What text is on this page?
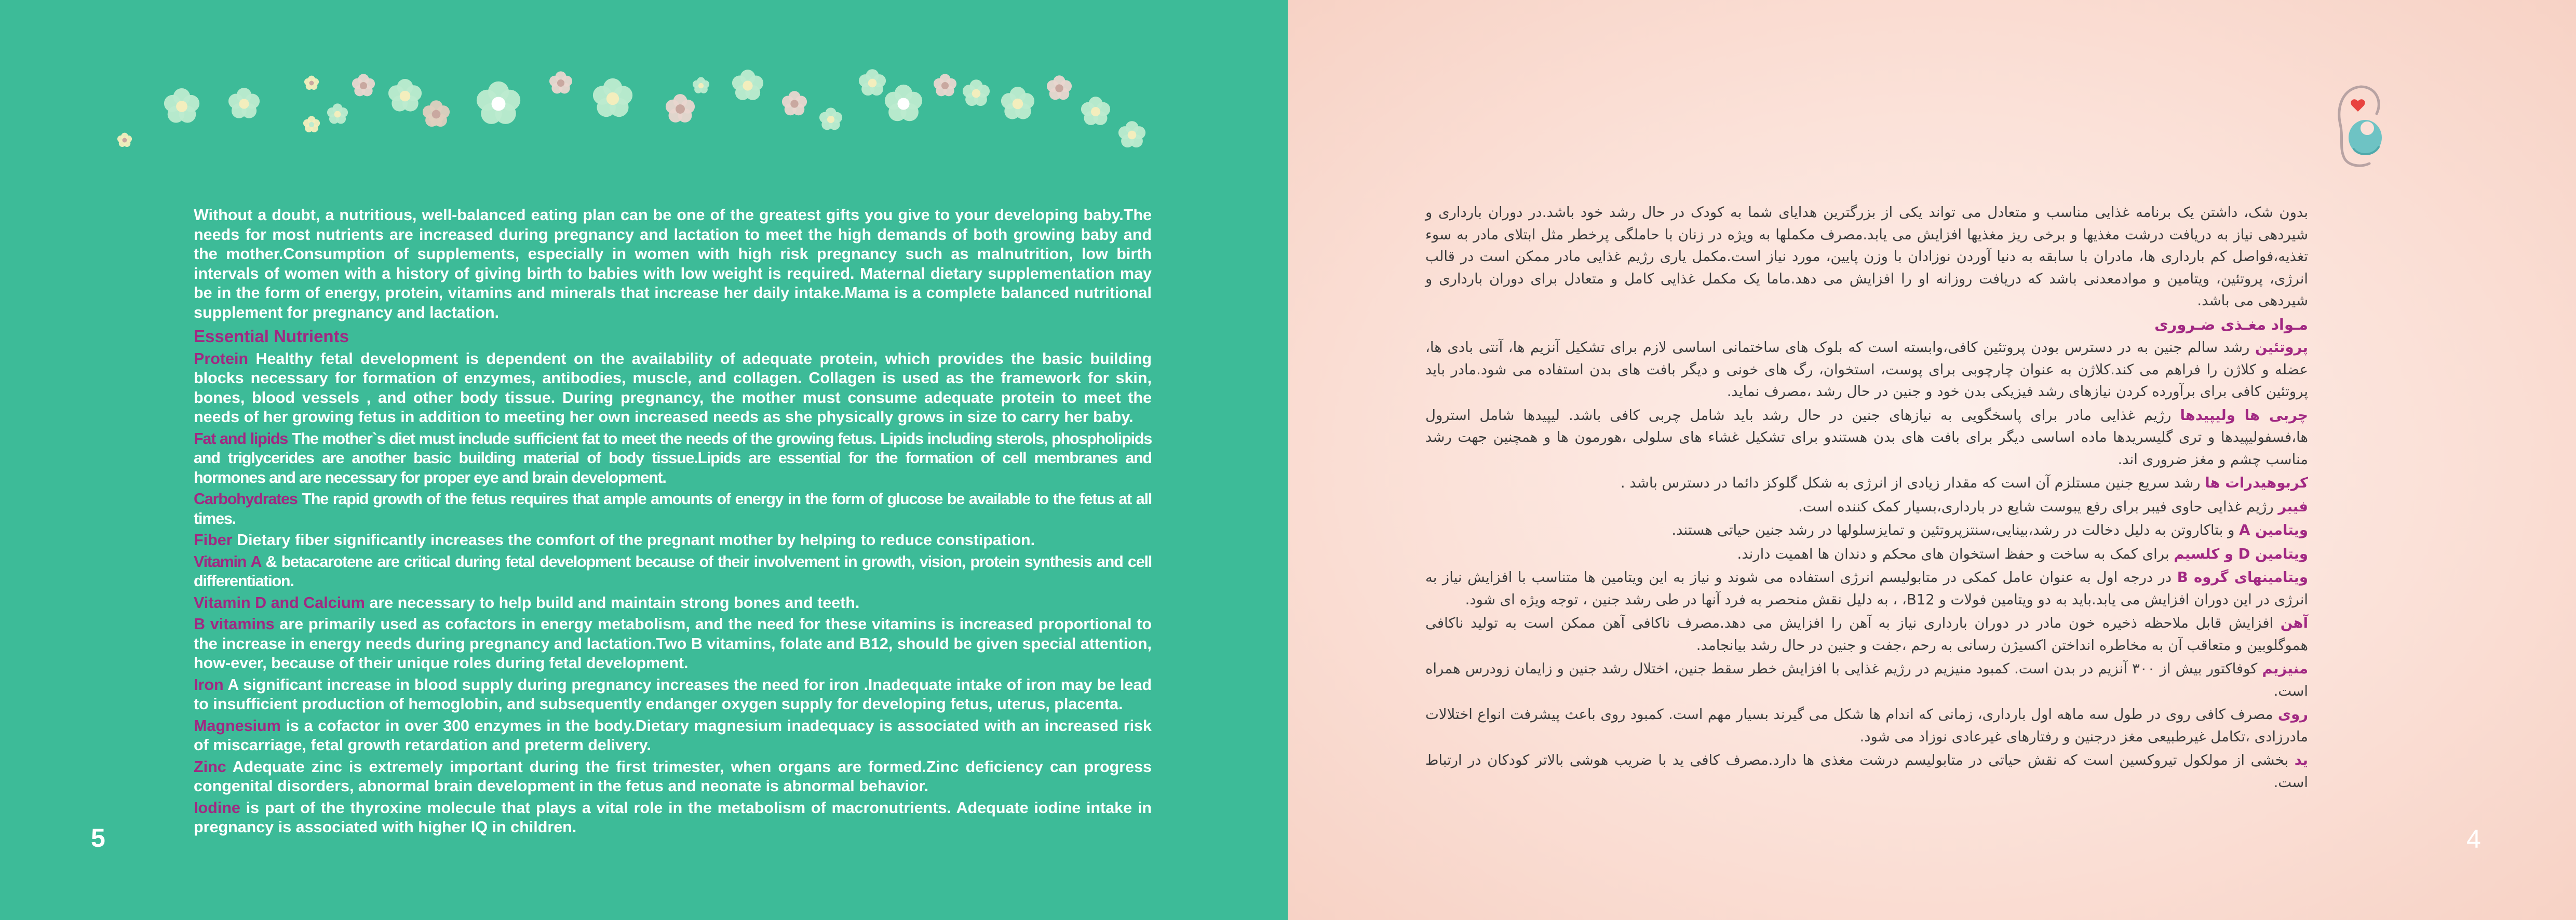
Without a doubt, a nutritious, well-balanced eating plan can be one of the greatest gifts you give to your developing baby.The needs for most nutrients are increased during pregnancy and lactation to meet the high demands of both growing baby and the mother.Consumption of supplements, especially in women with high risk pregnancy such as malnutrition, low birth intervals of women with a history of giving birth to babies with low weight is required. Maternal dietary supplementation may be in the form of energy, protein, vitamins and minerals that increase her daily intake.Mama is a complete balanced nutritional supplement for pregnancy and lactation.

Essential Nutrients

Protein Healthy fetal development is dependent on the availability of adequate protein, which provides the basic building blocks necessary for formation of enzymes, antibodies, muscle, and collagen. Collagen is used as the framework for skin, bones, blood vessels , and other body tissue. During pregnancy, the mother must consume adequate protein to meet the needs of her growing fetus in addition to meeting her own increased needs as she physically grows in size to carry her baby.

Fat and lipids The mother`s diet must include sufficient fat to meet the needs of the growing fetus. Lipids including sterols, phospholipids and triglycerides are another basic building material of body tissue.Lipids are essential for the formation of cell membranes and hormones and are necessary for proper eye and brain development.

Carbohydrates The rapid growth of the fetus requires that ample amounts of energy in the form of glucose be available to the fetus at all times.

Fiber Dietary fiber significantly increases the comfort of the pregnant mother by helping to reduce constipation.

Vitamin A & betacarotene are critical during fetal development because of their involvement in growth, vision, protein synthesis and cell differentiation.

Vitamin D and Calcium are necessary to help build and maintain strong bones and teeth.

B vitamins are primarily used as cofactors in energy metabolism, and the need for these vitamins is increased proportional to the increase in energy needs during pregnancy and lactation.Two B vitamins, folate and B12, should be given special attention, how-ever, because of their unique roles during fetal development.

Iron A significant increase in blood supply during pregnancy increases the need for iron .Inadequate intake of iron may be lead to insufficient production of hemoglobin, and subsequently endanger oxygen supply for developing fetus, uterus, placenta.

Magnesium is a cofactor in over 300 enzymes in the body.Dietary magnesium inadequacy is associated with an increased risk of miscarriage, fetal growth retardation and preterm delivery.

Zinc Adequate zinc is extremely important during the first trimester, when organs are formed.Zinc deficiency can progress congenital disorders, abnormal brain development in the fetus and neonate is abnormal behavior.

Iodine is part of the thyroxine molecule that plays a vital role in the metabolism of macronutrients. Adequate iodine intake in pregnancy is associated with higher IQ in children.

5

بدون شک، داشتن یک برنامه غذایی مناسب و متعادل می تواند یکی از بزرگترین هدایای شما به کودک در حال رشد خود باشد.در دوران بارداری و شیردهی نیاز به دریافت درشت مغذیها و برخی ریز مغذیها افزایش می یابد.مصرف مکملها به ویژه در زنان با حاملگی پرخطر مثل ابتلای مادر به سوء تغذیه،فواصل کم بارداری ها، مادران با سابقه به دنیا آوردن نوزادان با وزن پایین، مورد نیاز است.مکمل یاری رژیم غذایی مادر ممکن است در قالب انرژی، پروتئین، ویتامین و موادمعدنی باشد که دریافت روزانه او را افزایش می دهد.ماما یک مکمل غذایی کامل و متعادل برای دوران بارداری و شیردهی می باشد.

مـواد مغـذی ضـروری

پروتئین رشد سالم جنین به در دسترس بودن پروتئین کافی،وابسته است که بلوک های ساختمانی اساسی لازم برای تشکیل آنزیم ها، آنتی بادی ها، عضله و کلاژن را فراهم می کند.کلاژن به عنوان چارچوبی برای پوست، استخوان، رگ های خونی و دیگر بافت های بدن استفاده می شود.مادر باید پروتئین کافی برای برآورده کردن نیازهای رشد فیزیکی بدن خود و جنین در حال رشد ،مصرف نماید.

چربی ها ولیپیدها رژیم غذایی مادر برای پاسخگویی به نیازهای جنین در حال رشد باید شامل چربی کافی باشد. لیپیدها شامل استرول ها،فسفولیپیدها و تری گلیسریدها ماده اساسی دیگر برای بافت های بدن هستندو برای تشکیل غشاء های سلولی ،هورمون ها و همچنین جهت رشد مناسب چشم و مغز ضروری اند.

کربوهیدرات ها رشد سریع جنین مستلزم آن است که مقدار زیادی از انرژی به شکل گلوکز دائما در دسترس باشد .

فیبر رژیم غذایی حاوی فیبر برای رفع یبوست شایع در بارداری،بسیار کمک کننده است.

ویتامین A و بتاکاروتن به دلیل دخالت در رشد،بینایی،سنتزپروتئین و تمایزسلولها در رشد جنین حیاتی هستند.

ویتامین D و کلسیم برای کمک به ساخت و حفظ استخوان های محکم و دندان ها اهمیت دارند.

ویتامینهای گروه B در درجه اول به عنوان عامل کمکی در متابولیسم انرژی استفاده می شوند و نیاز به این ویتامین ها متناسب با افزایش نیاز به انرژی در این دوران افزایش می یابد.باید به دو ویتامین فولات و B12، ، به دلیل نقش منحصر به فرد آنها در طی رشد جنین ، توجه ویژه ای شود.

آهن افزایش قابل ملاحظه ذخیره خون مادر در دوران بارداری نیاز به آهن را افزایش می دهد.مصرف ناکافی آهن ممکن است به تولید ناکافی هموگلوبین و متعاقب آن به مخاطره انداختن اکسیژن رسانی به رحم ،جفت و جنین در حال رشد بیانجامد.

منیزیم کوفاکتور بیش از ۳۰۰ آنزیم در بدن است. کمبود منیزیم در رژیم غذایی با افزایش خطر سقط جنین، اختلال رشد جنین و زایمان زودرس همراه است.

روی مصرف کافی روی در طول سه ماهه اول بارداری، زمانی که اندام ها شکل می گیرند بسیار مهم است. کمبود روی باعث پیشرفت انواع اختلالات مادرزادی ،تکامل غیرطبیعی مغز درجنین و رفتارهای غیرعادی نوزاد می شود.

ید بخشی از مولکول تیروکسین است که نقش حیاتی در متابولیسم درشت مغذی ها دارد.مصرف کافی ید با ضریب هوشی بالاتر کودکان در ارتباط است.

4
